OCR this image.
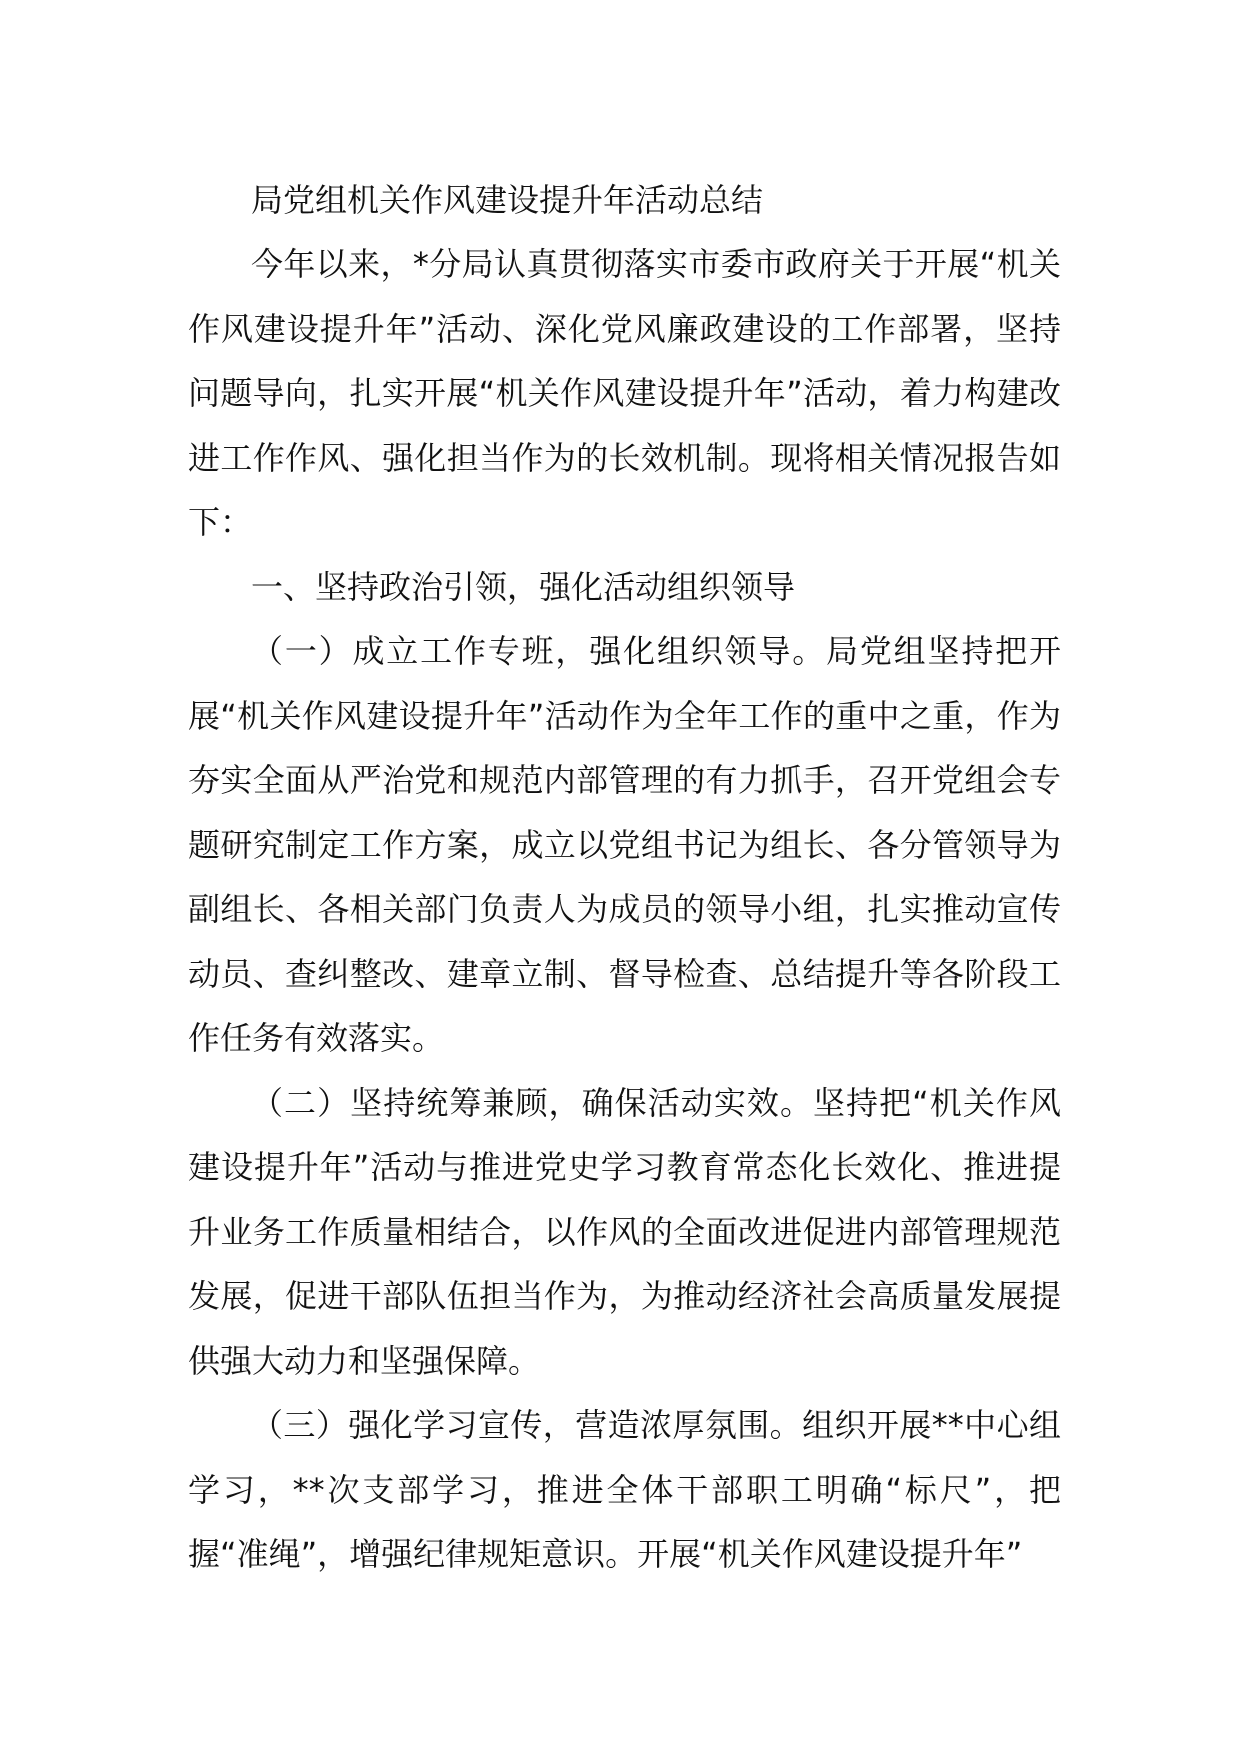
局党组机关作风建设提升年活动总结

今年以来，*分局认真贯彻落实市委市政府关于开展“机关作风建设提升年”活动、深化党风廉政建设的工作部署，坚持问题导向，扎实开展“机关作风建设提升年”活动，着力构建改进工作作风、强化担当作为的长效机制。现将相关情况报告如下：

一、坚持政治引领，强化活动组织领导

（一）成立工作专班，强化组织领导。局党组坚持把开展“机关作风建设提升年”活动作为全年工作的重中之重，作为夯实全面从严治党和规范内部管理的有力抓手，召开党组会专题研究制定工作方案，成立以党组书记为组长、各分管领导为副组长、各相关部门负责人为成员的领导小组，扎实推动宣传动员、查纠整改、建章立制、督导检查、总结提升等各阶段工作任务有效落实。

（二）坚持统筹兼顾，确保活动实效。坚持把“机关作风建设提升年”活动与推进党史学习教育常态化长效化、推进提升业务工作质量相结合，以作风的全面改进促进内部管理规范发展，促进干部队伍担当作为，为推动经济社会高质量发展提供强大动力和坚强保障。

（三）强化学习宣传，营造浓厚氛围。组织开展**中心组学习，**次支部学习，推进全体干部职工明确“标尺”，把握“准绳”，增强纪律规矩意识。开展“机关作风建设提升年”
